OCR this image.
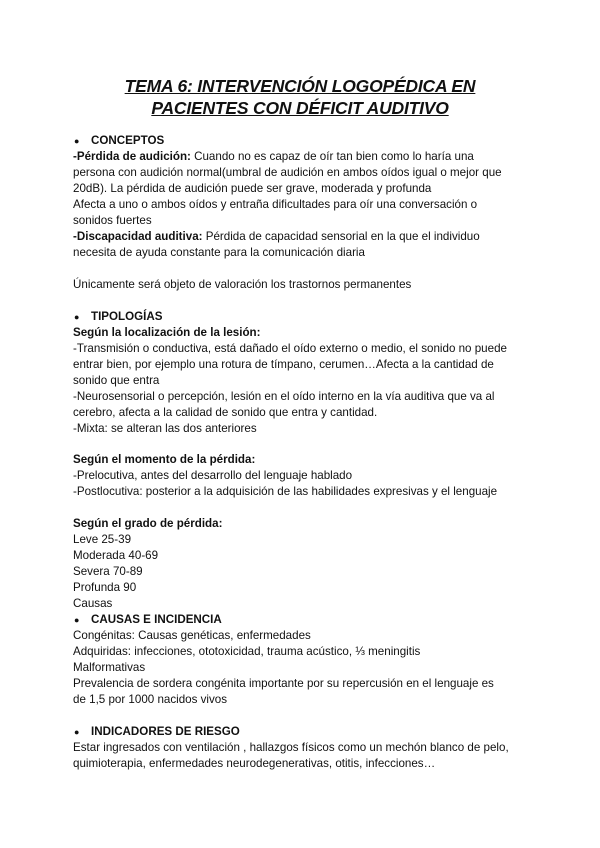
TEMA 6: INTERVENCIÓN LOGOPÉDICA EN
PACIENTES CON DÉFICIT AUDITIVO
● CONCEPTOS

-Pérdida de audición: Cuando no es capaz de oír tan bien como lo haría una

persona con audición normal(umbral de audición en ambos oídos igual o mejor que

20dB). La pérdida de audición puede ser grave, moderada y profunda

Afecta a uno o ambos oídos y entraña dificultades para oír una conversación o

sonidos fuertes

-Discapacidad auditiva: Pérdida de capacidad sensorial en la que el individuo

necesita de ayuda constante para la comunicación diaria

Únicamente será objeto de valoración los trastornos permanentes

● TIPOLOGÍAS

Según la localización de la lesión:

-Transmisión o conductiva, está dañado el oído externo o medio, el sonido no puede

entrar bien, por ejemplo una rotura de tímpano, cerumen…Afecta a la cantidad de

sonido que entra

-Neurosensorial o percepción, lesión en el oído interno en la vía auditiva que va al

cerebro, afecta a la calidad de sonido que entra y cantidad.

-Mixta: se alteran las dos anteriores

Según el momento de la pérdida:

-Prelocutiva, antes del desarrollo del lenguaje hablado

-Postlocutiva: posterior a la adquisición de las habilidades expresivas y el lenguaje

Según el grado de pérdida:

Leve 25-39

Moderada 40-69

Severa 70-89

Profunda 90

Causas

● CAUSAS E INCIDENCIA

Congénitas: Causas genéticas, enfermedades

Adquiridas: infecciones, ototoxicidad, trauma acústico, ⅓ meningitis

Malformativas

Prevalencia de sordera congénita importante por su repercusión en el lenguaje es

de 1,5 por 1000 nacidos vivos

● INDICADORES DE RIESGO

Estar ingresados con ventilación , hallazgos físicos como un mechón blanco de pelo,

quimioterapia, enfermedades neurodegenerativas, otitis, infecciones…
